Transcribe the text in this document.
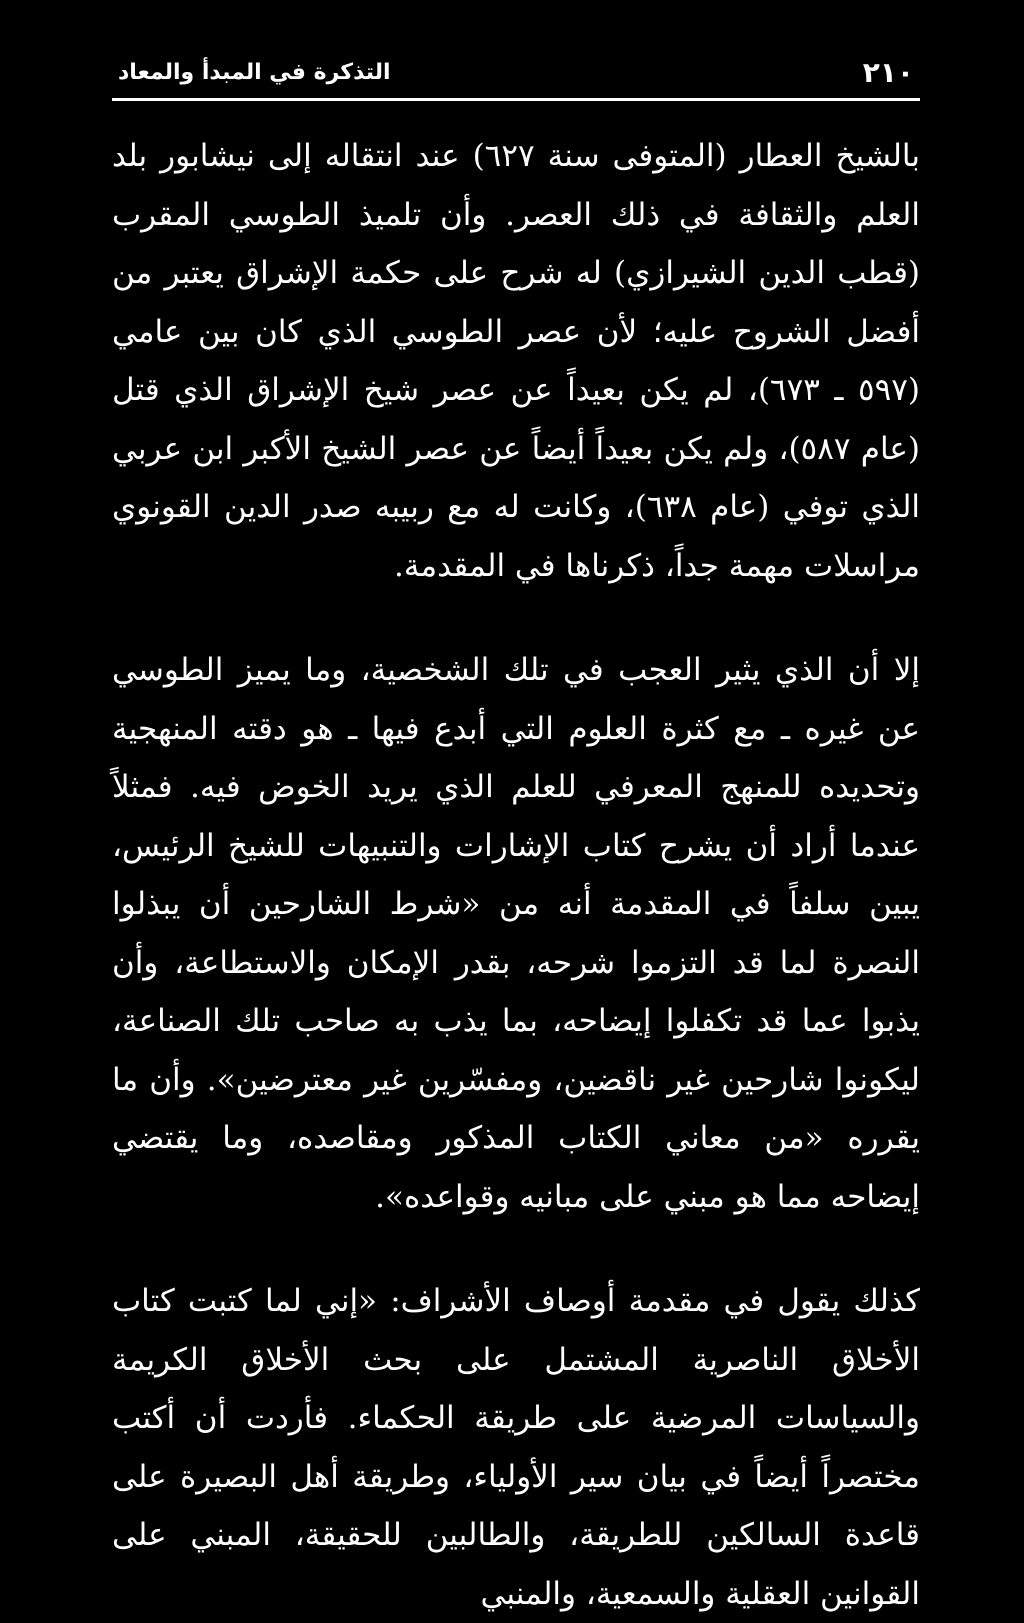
٢١٠
التذكرة في المبدأ والمعاد

بالشيخ العطار (المتوفى سنة ٦٢٧) عند انتقاله إلى نيشابور بلد العلم والثقافة في ذلك العصر. وأن تلميذ الطوسي المقرب (قطب الدين الشيرازي) له شرح على حكمة الإشراق يعتبر من أفضل الشروح عليه؛ لأن عصر الطوسي الذي كان بين عامي (٥٩٧ ـ ٦٧٣)، لم يكن بعيداً عن عصر شيخ الإشراق الذي قتل (عام ٥٨٧)، ولم يكن بعيداً أيضاً عن عصر الشيخ الأكبر ابن عربي الذي توفي (عام ٦٣٨)، وكانت له مع ربيبه صدر الدين القونوي مراسلات مهمة جداً، ذكرناها في المقدمة.

إلا أن الذي يثير العجب في تلك الشخصية، وما يميز الطوسي عن غيره ـ مع كثرة العلوم التي أبدع فيها ـ هو دقته المنهجية وتحديده للمنهج المعرفي للعلم الذي يريد الخوض فيه. فمثلاً عندما أراد أن يشرح كتاب الإشارات والتنبيهات للشيخ الرئيس، يبين سلفاً في المقدمة أنه من «شرط الشارحين أن يبذلوا النصرة لما قد التزموا شرحه، بقدر الإمكان والاستطاعة، وأن يذبوا عما قد تكفلوا إيضاحه، بما يذب به صاحب تلك الصناعة، ليكونوا شارحين غير ناقضين، ومفسّرين غير معترضين». وأن ما يقرره «من معاني الكتاب المذكور ومقاصده، وما يقتضي إيضاحه مما هو مبني على مبانيه وقواعده».

كذلك يقول في مقدمة أوصاف الأشراف: «إني لما كتبت كتاب الأخلاق الناصرية المشتمل على بحث الأخلاق الكريمة والسياسات المرضية على طريقة الحكماء. فأردت أن أكتب مختصراً أيضاً في بيان سير الأولياء، وطريقة أهل البصيرة على قاعدة السالكين للطريقة، والطالبين للحقيقة، المبني على القوانين العقلية والسمعية، والمنبي
